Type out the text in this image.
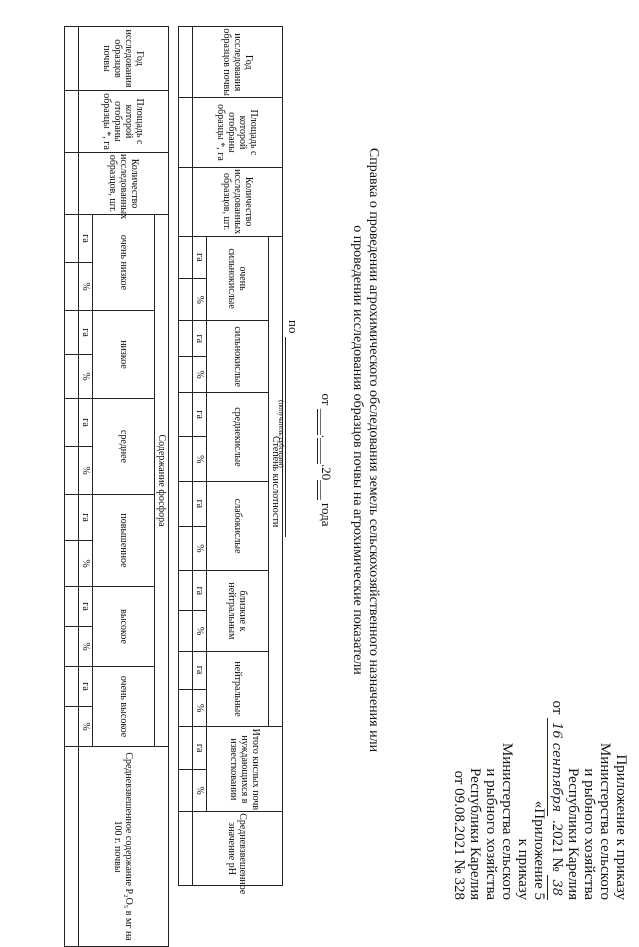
Приложение к приказу
Министерства сельского
и рыбного хозяйства
Республики Карелия
от 16 сентября .2021 № 38
«Приложение 5
к приказу
Министерства сельского
и рыбного хозяйства
Республики Карелия
от 09.08.2021 № 328
Справка о проведении агрохимического обследования земель сельскохозяйственного назначения или
о проведении исследования образцов почвы на агрохимические показатели
от ____.____.20___ года
по
(получатель субсидии)
Год исследования образцов почвы	Площадь с которой отобраны образцы *, га	Количество исследованных образцов, шт.	Степень кислотности												Итого кислых почв нуждающихся в известковании		Средневзвешенное значение pH
			очень сильнокислые		сильнокислые		среднекислые		слабокислые		близкие к нейтральным		нейтральные				
			га	%	га	%	га	%	га	%	га	%	га	%	га	%	

Год исследования образцов почвы	Площадь с которой отобраны образцы *, га	Количество исследованных образцов, шт.	Содержание фосфора												Средневзвешенное содержание P₂O₅ в мг на 100 г. почвы
			очень низкое		низкое		среднее		повышенное		высокое		очень высокое		
			га	%	га	%	га	%	га	%	га	%	га	%	
